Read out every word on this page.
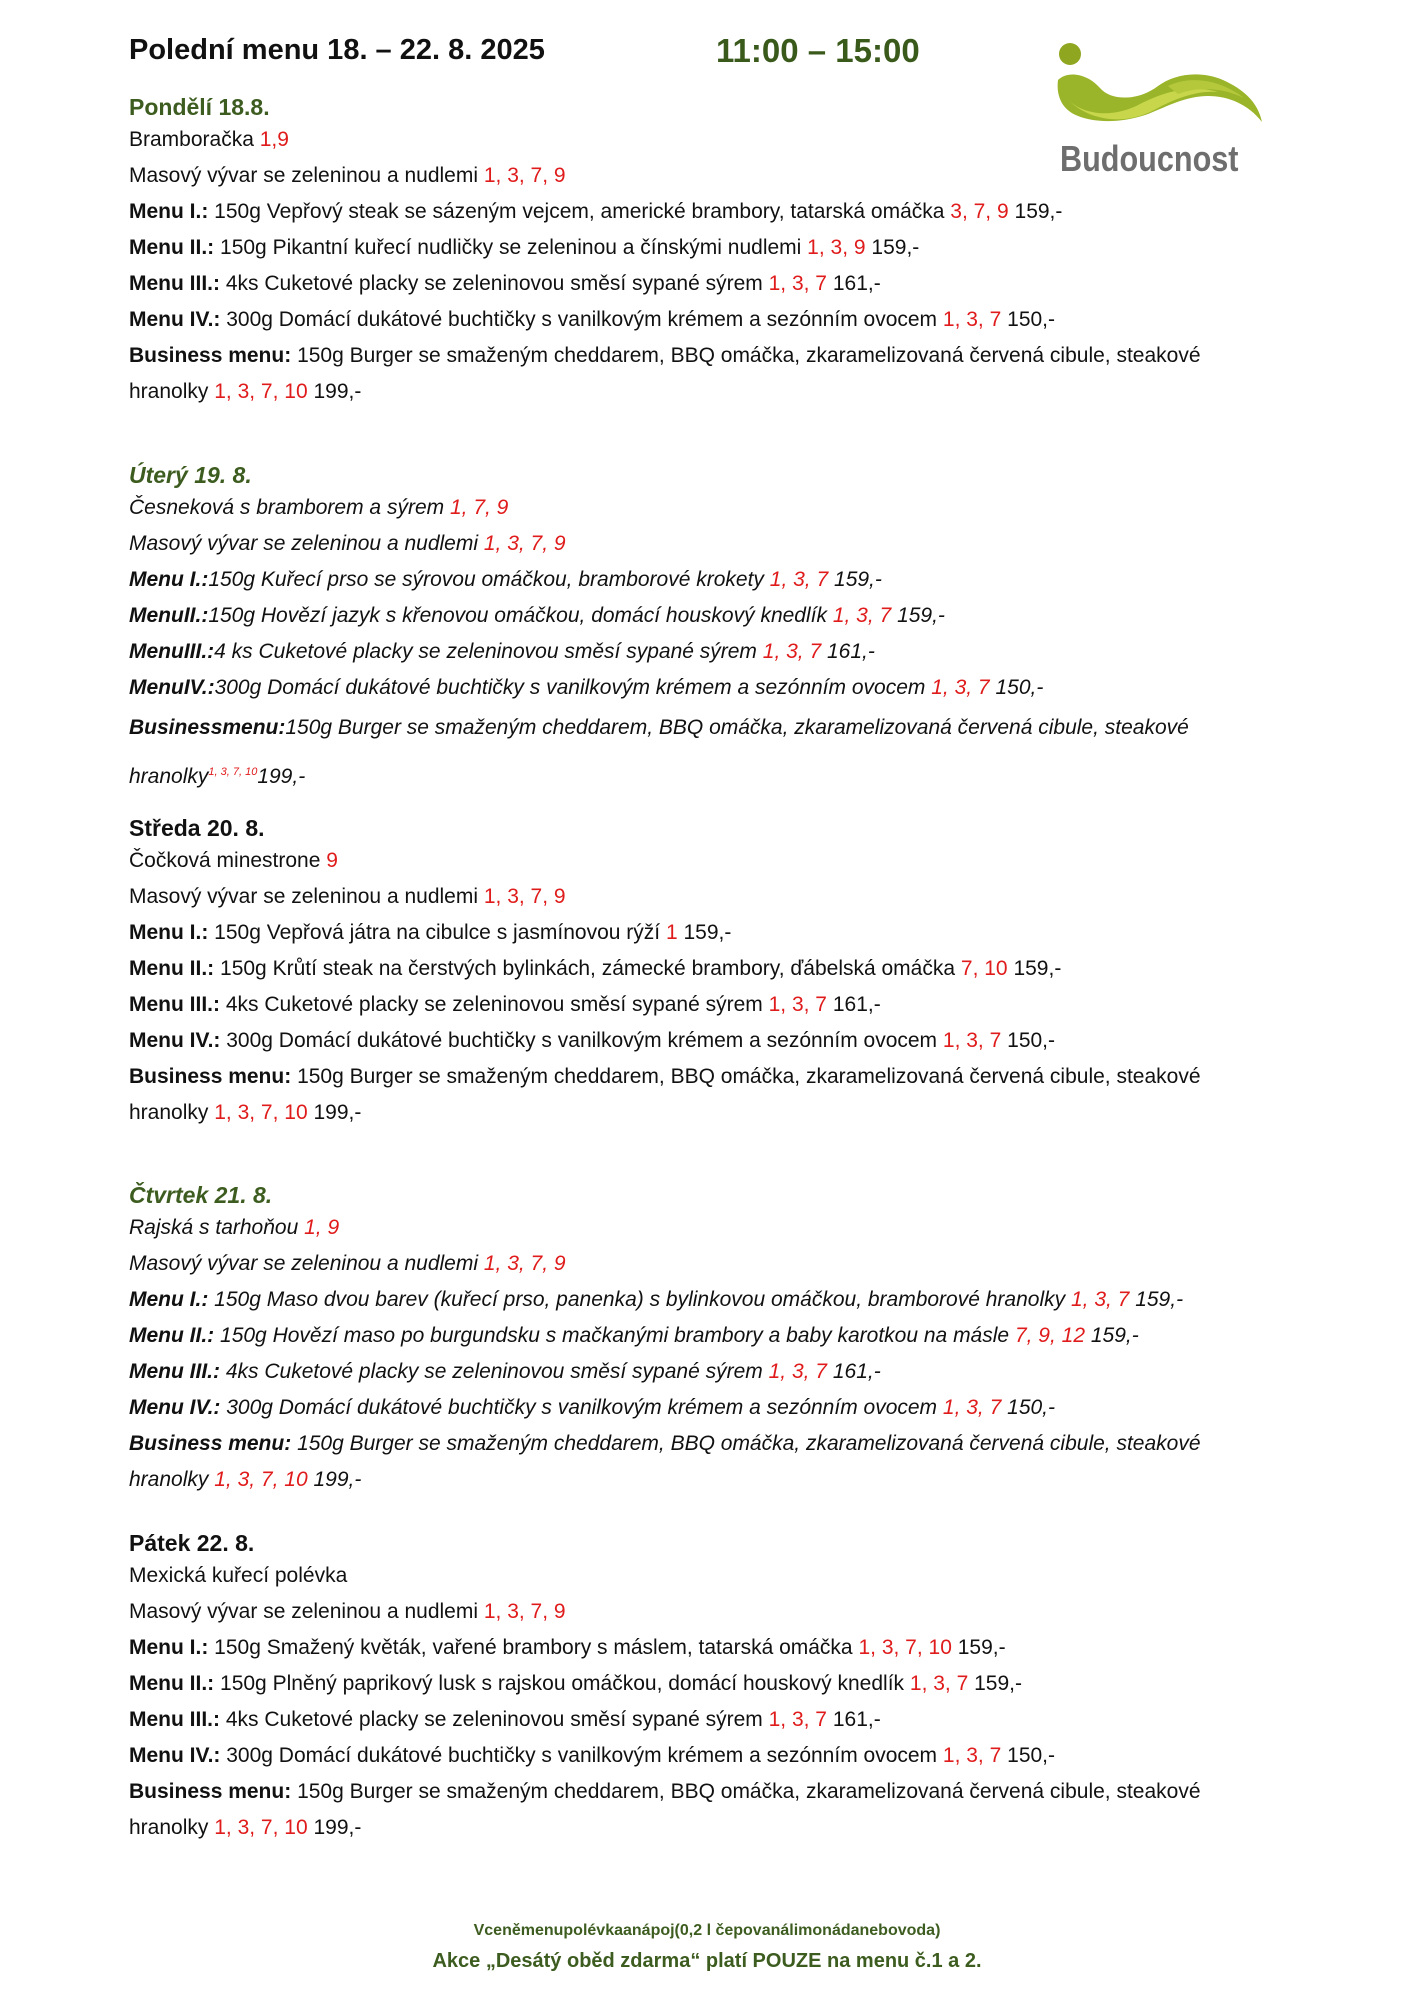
Polední menu 18. – 22. 8. 2025	11:00 – 15:00
Budoucnost

Pondělí 18.8.

Bramboračka 1,9

Masový vývar se zeleninou a nudlemi 1, 3, 7, 9

Menu I.: 150g Vepřový steak se sázeným vejcem, americké brambory, tatarská omáčka 3, 7, 9 159,-

Menu II.: 150g Pikantní kuřecí nudličky se zeleninou a čínskými nudlemi 1, 3, 9 159,-

Menu III.: 4ks Cuketové placky se zeleninovou směsí sypané sýrem 1, 3, 7 161,-

Menu IV.: 300g Domácí dukátové buchtičky s vanilkovým krémem a sezónním ovocem 1, 3, 7 150,-

Business menu: 150g Burger se smaženým cheddarem, BBQ omáčka, zkaramelizovaná červená cibule, steakové

hranolky 1, 3, 7, 10 199,-

Úterý 19. 8.

Česneková s bramborem a sýrem 1, 7, 9

Masový vývar se zeleninou a nudlemi 1, 3, 7, 9

Menu I.:150g Kuřecí prso se sýrovou omáčkou, bramborové krokety 1, 3, 7 159,-

MenuII.:150g Hovězí jazyk s křenovou omáčkou, domácí houskový knedlík 1, 3, 7 159,-

MenuIII.:4 ks Cuketové placky se zeleninovou směsí sypané sýrem 1, 3, 7 161,-

MenuIV.:300g Domácí dukátové buchtičky s vanilkovým krémem a sezónním ovocem 1, 3, 7 150,-

Businessmenu:150g Burger se smaženým cheddarem, BBQ omáčka, zkaramelizovaná červená cibule, steakové

hranolky$^{1, 3, 7, 10}$199,-

Středa 20. 8.

Čočková minestrone 9

Masový vývar se zeleninou a nudlemi 1, 3, 7, 9

Menu I.: 150g Vepřová játra na cibulce s jasmínovou rýží 1 159,-

Menu II.: 150g Krůtí steak na čerstvých bylinkách, zámecké brambory, ďábelská omáčka 7, 10 159,-

Menu III.: 4ks Cuketové placky se zeleninovou směsí sypané sýrem 1, 3, 7 161,-

Menu IV.: 300g Domácí dukátové buchtičky s vanilkovým krémem a sezónním ovocem 1, 3, 7 150,-

Business menu: 150g Burger se smaženým cheddarem, BBQ omáčka, zkaramelizovaná červená cibule, steakové

hranolky 1, 3, 7, 10 199,-

Čtvrtek 21. 8.

Rajská s tarhoňou 1, 9

Masový vývar se zeleninou a nudlemi 1, 3, 7, 9

Menu I.: 150g Maso dvou barev (kuřecí prso, panenka) s bylinkovou omáčkou, bramborové hranolky 1, 3, 7 159,-

Menu II.: 150g Hovězí maso po burgundsku s mačkanými brambory a baby karotkou na másle 7, 9, 12 159,-

Menu III.: 4ks Cuketové placky se zeleninovou směsí sypané sýrem 1, 3, 7 161,-

Menu IV.: 300g Domácí dukátové buchtičky s vanilkovým krémem a sezónním ovocem 1, 3, 7 150,-

Business menu: 150g Burger se smaženým cheddarem, BBQ omáčka, zkaramelizovaná červená cibule, steakové

hranolky 1, 3, 7, 10 199,-

Pátek 22. 8.

Mexická kuřecí polévka

Masový vývar se zeleninou a nudlemi 1, 3, 7, 9

Menu I.: 150g Smažený květák, vařené brambory s máslem, tatarská omáčka 1, 3, 7, 10 159,-

Menu II.: 150g Plněný paprikový lusk s rajskou omáčkou, domácí houskový knedlík 1, 3, 7 159,-

Menu III.: 4ks Cuketové placky se zeleninovou směsí sypané sýrem 1, 3, 7 161,-

Menu IV.: 300g Domácí dukátové buchtičky s vanilkovým krémem a sezónním ovocem 1, 3, 7 150,-

Business menu: 150g Burger se smaženým cheddarem, BBQ omáčka, zkaramelizovaná červená cibule, steakové

hranolky 1, 3, 7, 10 199,-

Vceněmenupolévkaanápoj(0,2 l čepovanálimonádanebovoda)
Akce „Desátý oběd zdarma“ platí POUZE na menu č.1 a 2.
